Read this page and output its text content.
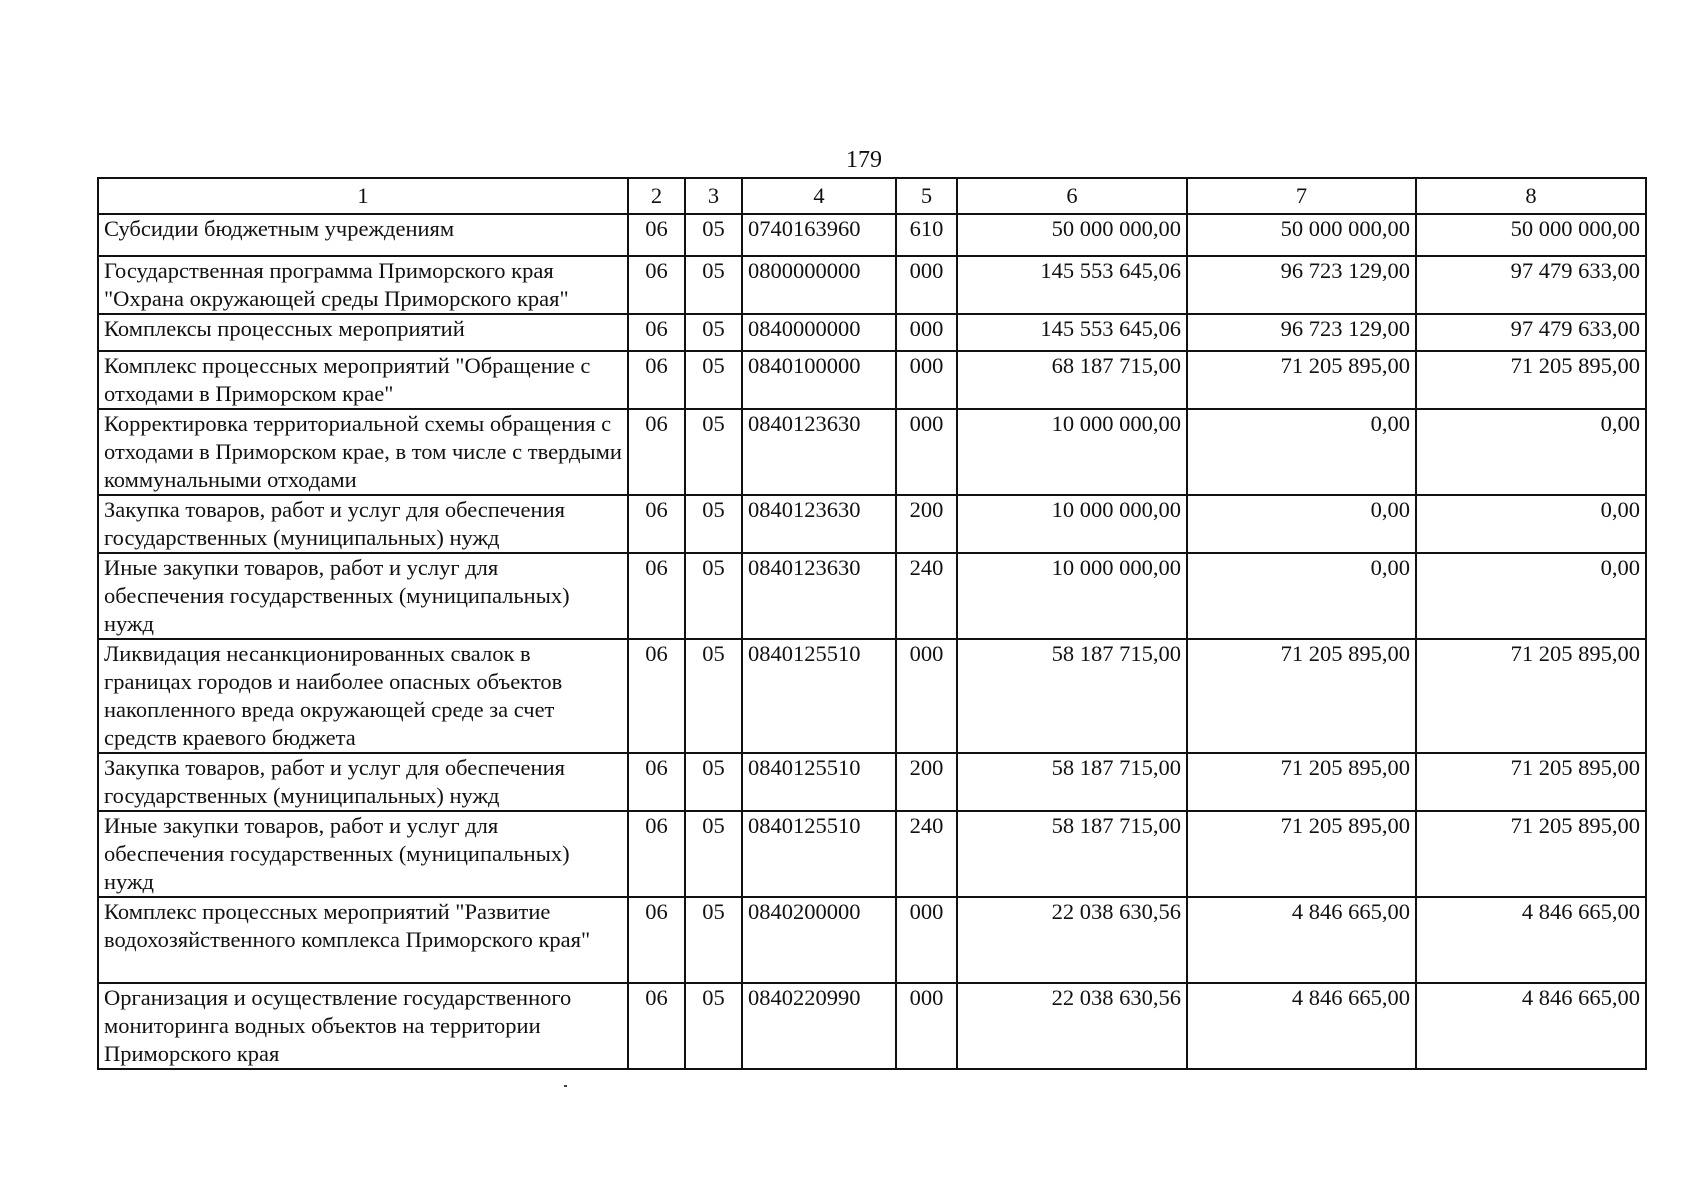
179
1	2	3	4	5	6	7	8
Субсидии бюджетным учреждениям	06	05	0740163960	610	50 000 000,00	50 000 000,00	50 000 000,00
Государственная программа Приморского края "Охрана окружающей среды Приморского края"	06	05	0800000000	000	145 553 645,06	96 723 129,00	97 479 633,00
Комплексы процессных мероприятий	06	05	0840000000	000	145 553 645,06	96 723 129,00	97 479 633,00
Комплекс процессных мероприятий "Обращение с отходами в Приморском крае"	06	05	0840100000	000	68 187 715,00	71 205 895,00	71 205 895,00
Корректировка территориальной схемы обращения с отходами в Приморском крае, в том числе с твердыми коммунальными отходами	06	05	0840123630	000	10 000 000,00	0,00	0,00
Закупка товаров, работ и услуг для обеспечения государственных (муниципальных) нужд	06	05	0840123630	200	10 000 000,00	0,00	0,00
Иные закупки товаров, работ и услуг для обеспечения государственных (муниципальных) нужд	06	05	0840123630	240	10 000 000,00	0,00	0,00
Ликвидация несанкционированных свалок в границах городов и наиболее опасных объектов накопленного вреда окружающей среде за счет средств краевого бюджета	06	05	0840125510	000	58 187 715,00	71 205 895,00	71 205 895,00
Закупка товаров, работ и услуг для обеспечения государственных (муниципальных) нужд	06	05	0840125510	200	58 187 715,00	71 205 895,00	71 205 895,00
Иные закупки товаров, работ и услуг для обеспечения государственных (муниципальных) нужд	06	05	0840125510	240	58 187 715,00	71 205 895,00	71 205 895,00
Комплекс процессных мероприятий "Развитие водохозяйственного комплекса Приморского края"	06	05	0840200000	000	22 038 630,56	4 846 665,00	4 846 665,00
Организация и осуществление государственного мониторинга водных объектов на территории Приморского края	06	05	0840220990	000	22 038 630,56	4 846 665,00	4 846 665,00
